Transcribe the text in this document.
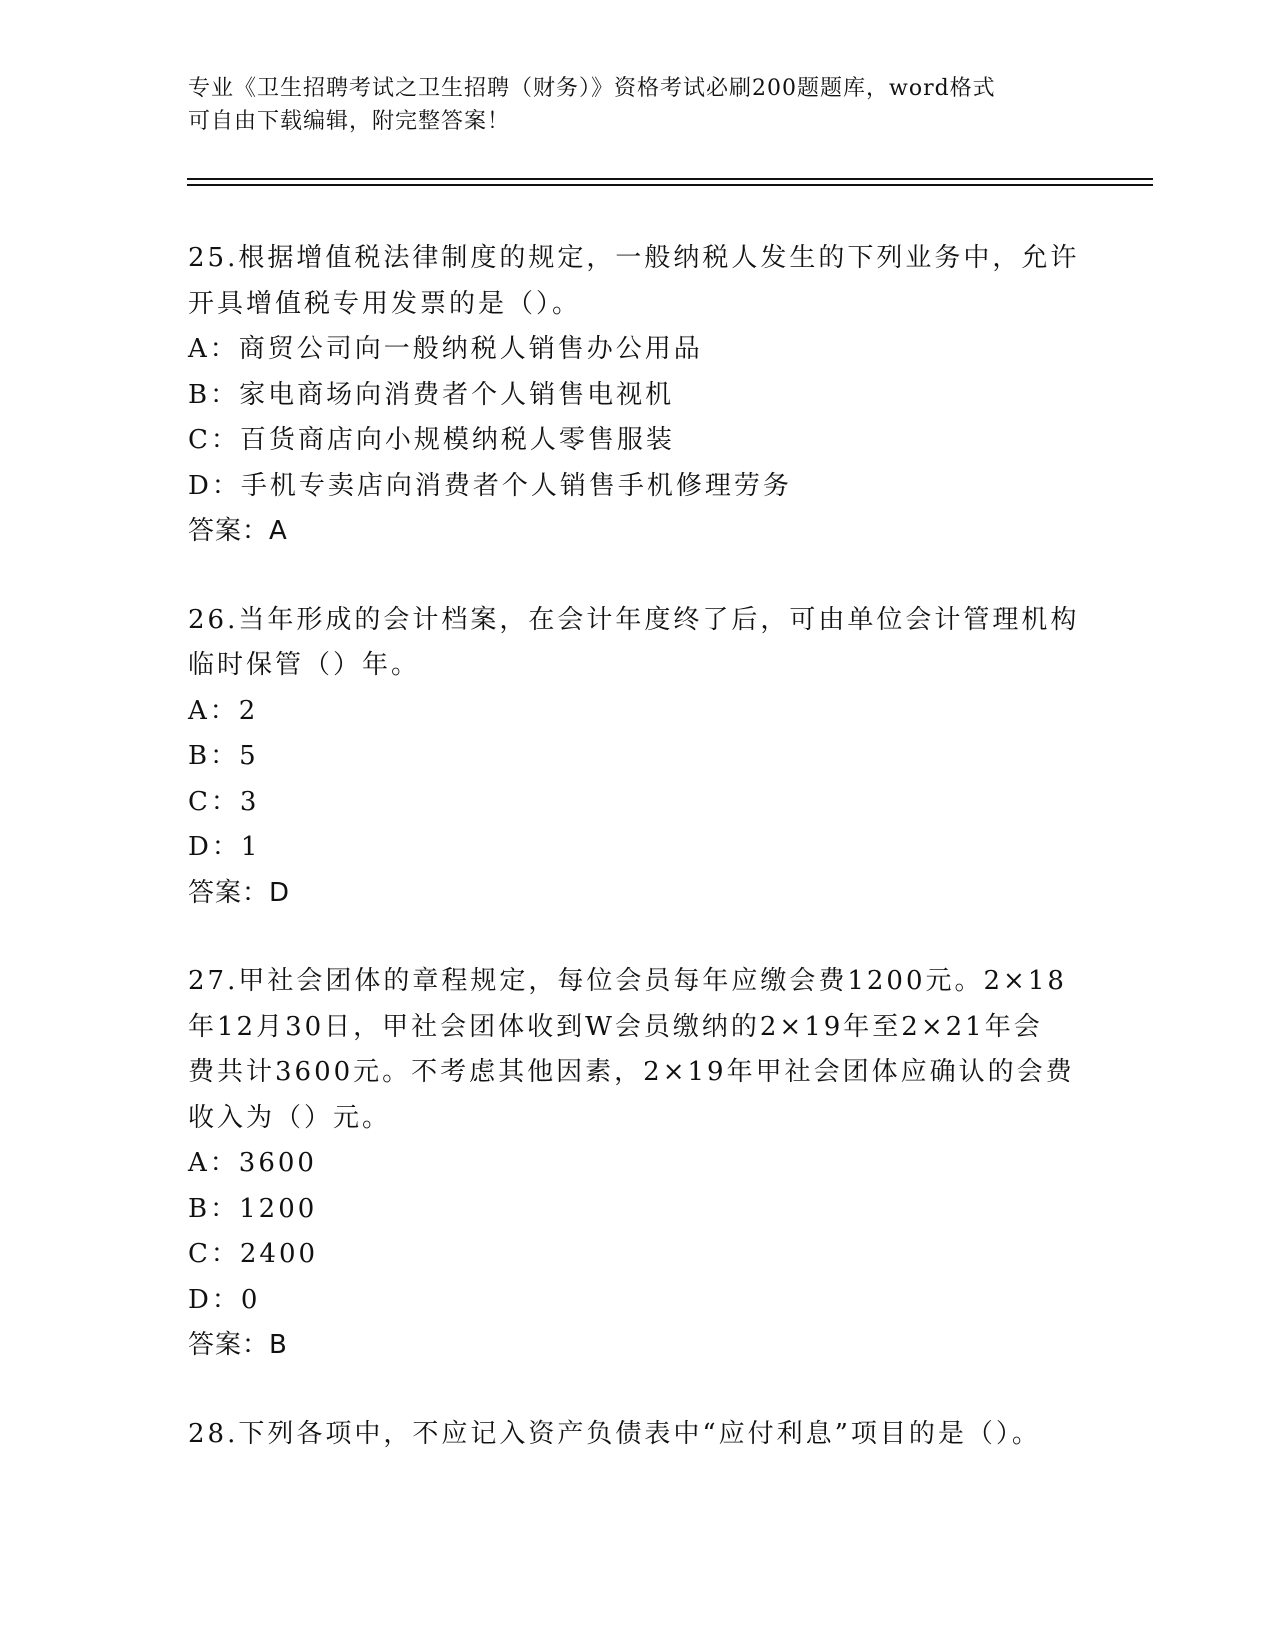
专业《卫生招聘考试之卫生招聘（财务）》资格考试必刷200题题库，word格式
可自由下载编辑，附完整答案！

25.根据增值税法律制度的规定，一般纳税人发生的下列业务中，允许

开具增值税专用发票的是（）。

A：商贸公司向一般纳税人销售办公用品

B：家电商场向消费者个人销售电视机

C：百货商店向小规模纳税人零售服装

D：手机专卖店向消费者个人销售手机修理劳务

答案：A

26.当年形成的会计档案，在会计年度终了后，可由单位会计管理机构

临时保管（）年。

A：2

B：5

C：3

D：1

答案：D

27.甲社会团体的章程规定，每位会员每年应缴会费1200元。2×18

年12月30日，甲社会团体收到W会员缴纳的2×19年至2×21年会

费共计3600元。不考虑其他因素，2×19年甲社会团体应确认的会费

收入为（）元。

A：3600

B：1200

C：2400

D：0

答案：B

28.下列各项中，不应记入资产负债表中“应付利息”项目的是（）。
